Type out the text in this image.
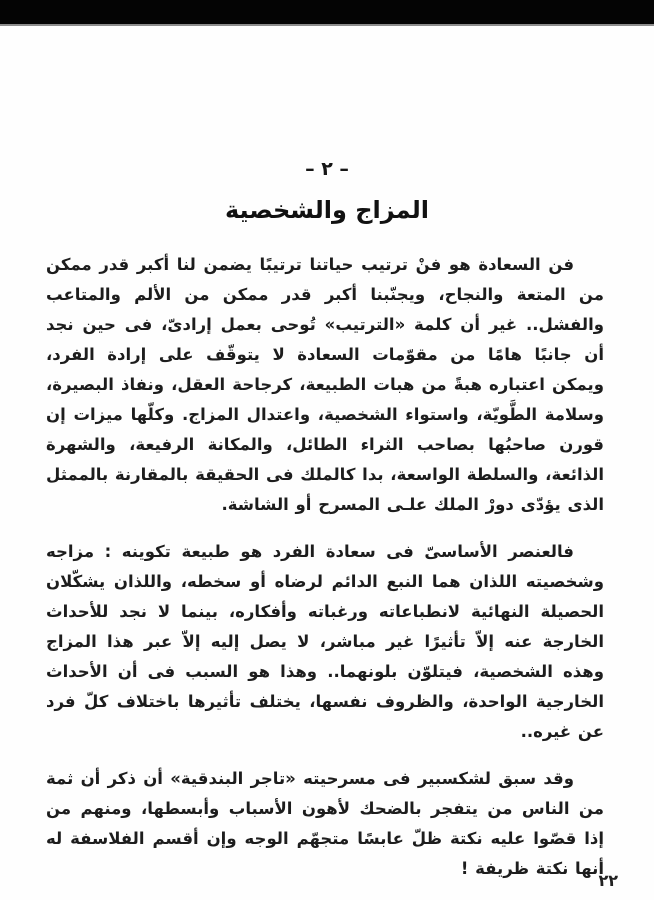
– ٢ –
المزاج والشخصية

فن السعادة هو فنْ ترتيب حياتنا ترتيبًا يضمن لنا أكبر قدر ممكن من المتعة والنجاح، ويجنّبنا أكبر قدر ممكن من الألم والمتاعب والفشل.. غير أن كلمة «الترتيب» تُوحى بعمل إرادىّ، فى حين نجد أن جانبًا هامًا من مقوّمات السعادة لا يتوقّف على إرادة الفرد، ويمكن اعتباره هبةً من هبات الطبيعة، كرجاحة العقل، ونفاذ البصيرة، وسلامة الطَّويّة، واستواء الشخصية، واعتدال المزاج. وكلّها ميزات إن قورن صاحبُها بصاحب الثراء الطائل، والمكانة الرفيعة، والشهرة الذائعة، والسلطة الواسعة، بدا كالملك فى الحقيقة بالمقارنة بالممثل الذى يؤدّى دورْ الملك علـى المسرح أو الشاشة.

فالعنصر الأساسىّ فى سعادة الفرد هو طبيعة تكوينه : مزاجه وشخصيته اللذان هما النبع الدائم لرضاه أو سخطه، واللذان يشكّلان الحصيلة النهائية لانطباعاته ورغباته وأفكاره، بينما لا نجد للأحداث الخارجة عنه إلاّ تأثيرًا غير مباشر، لا يصل إليه إلاّ عبر هذا المزاج وهذه الشخصية، فيتلوّن بلونهما.. وهذا هو السبب فى أن الأحداث الخارجية الواحدة، والظروف نفسها، يختلف تأثيرها باختلاف كلّ فرد عن غيره..

وقد سبق لشكسبير فى مسرحيته «تاجر البندقية» أن ذكر أن ثمة من الناس من يتفجر بالضحك لأهون الأسباب وأبسطها، ومنهم من إذا قصّوا عليه نكتة ظلّ عابسًا متجهّم الوجه وإن أقسم الفلاسفة له أنها نكتة ظريفة !

٢٢
